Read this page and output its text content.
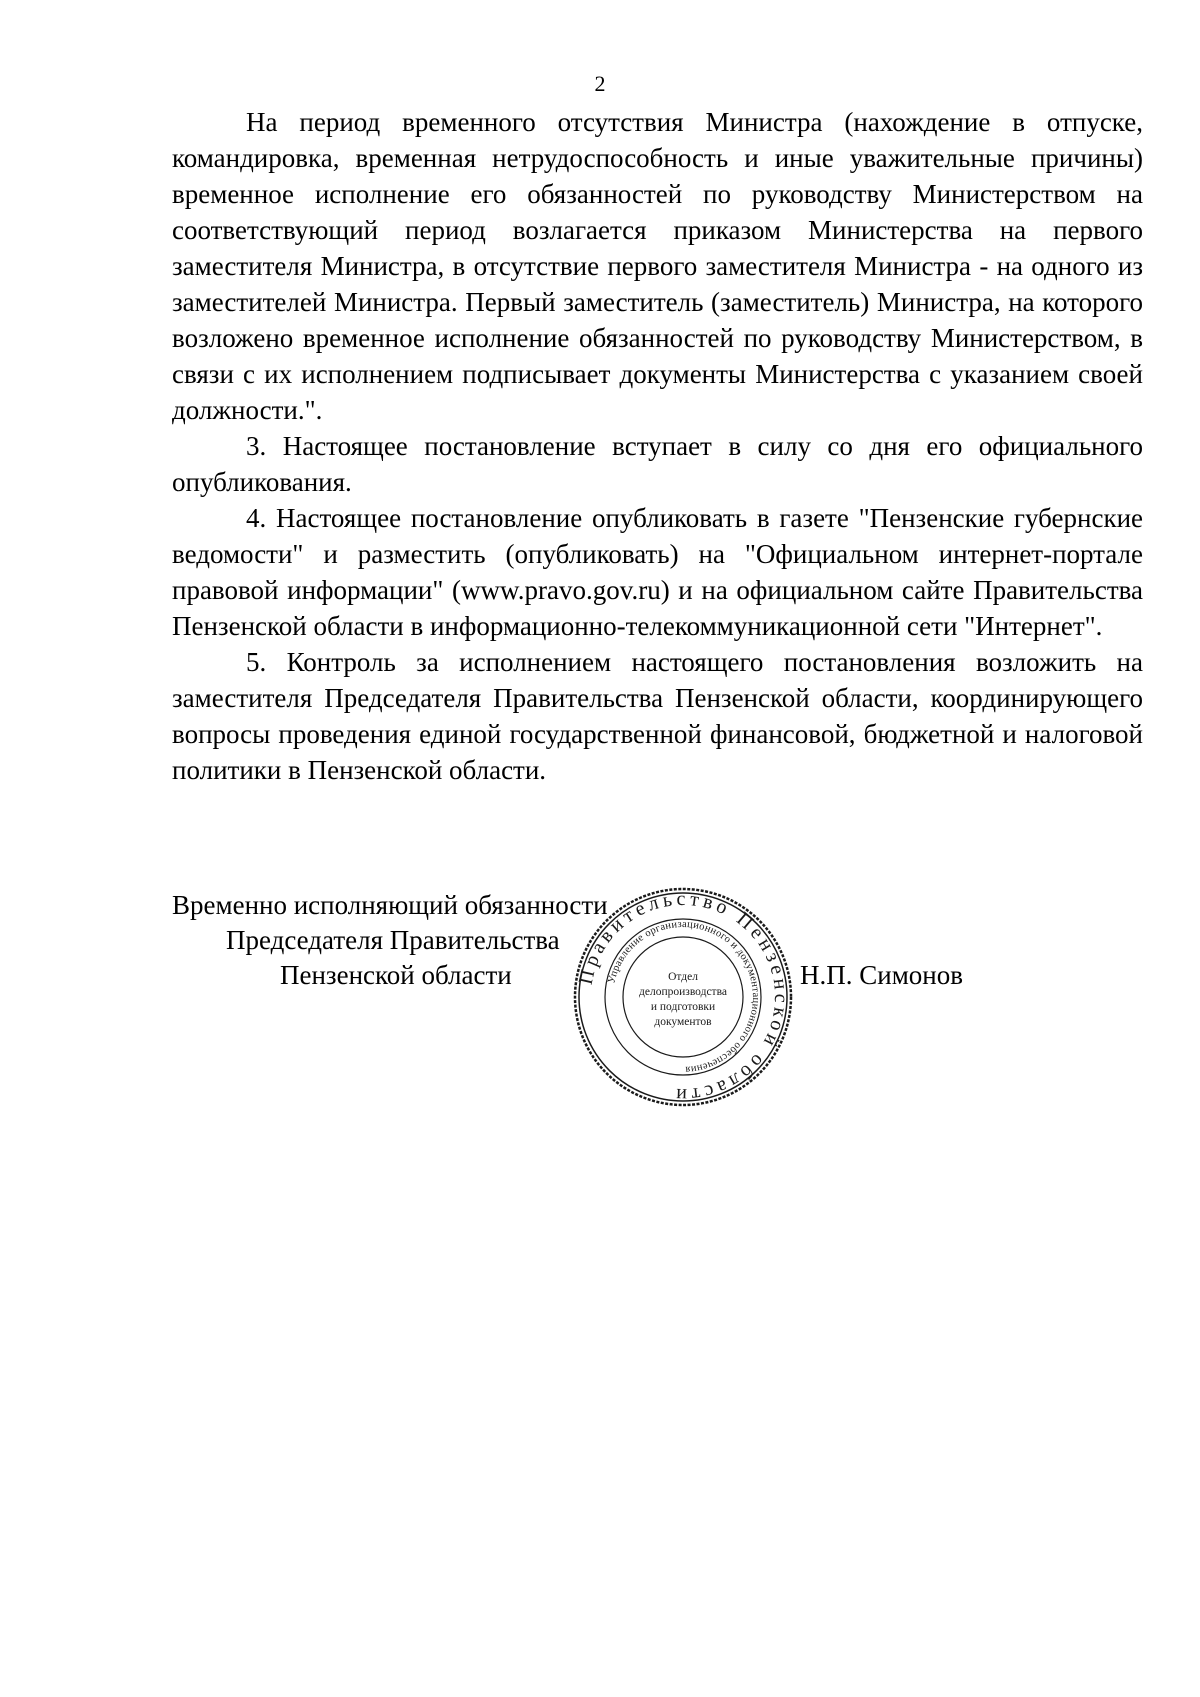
2

На период временного отсутствия Министра (нахождение в отпуске, командировка, временная нетрудоспособность и иные уважительные причины) временное исполнение его обязанностей по руководству Министерством на соответствующий период возлагается приказом Министерства на первого заместителя Министра, в отсутствие первого заместителя Министра - на одного из заместителей Министра. Первый заместитель (заместитель) Министра, на которого возложено временное исполнение обязанностей по руководству Министерством, в связи с их исполнением подписывает документы Министерства с указанием своей должности.".

3. Настоящее постановление вступает в силу со дня его официального опубликования.

4. Настоящее постановление опубликовать в газете "Пензенские губернские ведомости" и разместить (опубликовать) на "Официальном интернет-портале правовой информации" (www.pravo.gov.ru) и на официальном сайте Правительства Пензенской области в информационно-телекоммуникационной сети "Интернет".

5. Контроль за исполнением настоящего постановления возложить на заместителя Председателя Правительства Пензенской области, координирующего вопросы проведения единой государственной финансовой, бюджетной и налоговой политики в Пензенской области.

Временно исполняющий обязанности
Председателя Правительства
Пензенской области	Н.П. Симонов
Правительство Пензенской области
Управление организационного и документационного обеспечения
Отдел
делопроизводства
и подготовки
документов
